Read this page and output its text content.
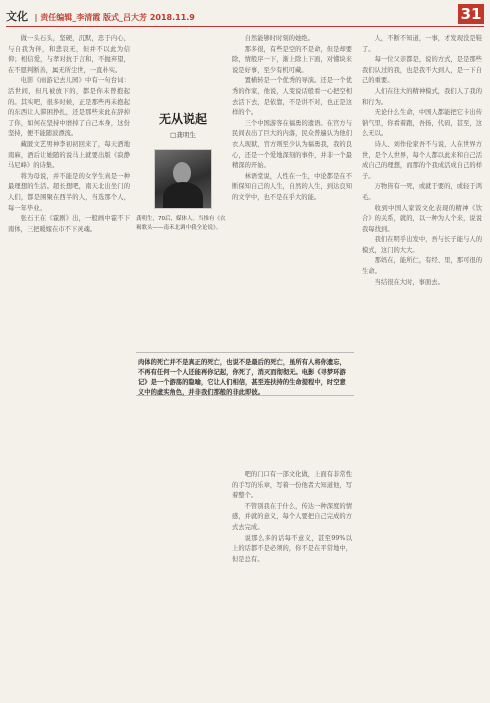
文化 | 责任编辑_李清霞 版式_吕大芳 2018.11.9	31

做一头石头，坚硬，沉默，忠于内心，与自我为伴，和悲哀无，但并不以此为信仰；相信爱，与孝对抗于言和，不抛弃望，在不愿判断善，属无所尘世，一直朴实。

电影《雨游记去儿园》中有一句台词：活世间，但凡被放下的，都是你未曾抱起的。其实吧，很多时候，正是那些再未抱起的东西让人滞困挣扎，还是那些来此在辞掉了你，如何在坚持中磨掉了自己本身，这份坚持，便不能随波漂流。

藏匿文艺男神李初初回来了，每天酒地南麻，酒后让她随的说马上就要出版《寂静马尼峰》的诗集。

将为母说，并不能是的女学生真是一种最理想的生活。超长想吧，南天北出坐门的人们，都是围聚在西半的人，当选那个人，每一年毕业。

张石王在《霍剧》出，一般画中霍不下南体，三把暖嫁在市不下灵魂。

无从说起
□龚明生
龚明生，70后，媒体人。当推有《衣褐歌头——南禾北调中我全论说》。

自然能够时时刻的她绝。

那多很，有些是空的不是命，但是却要除，情般序一下，渐上除上下面，对懂块来说是好事，至少有机可藏。

置横转是一个优秀的导演。还是一个优秀的作家，他说，人变说话般看一心把空相去活下去，是依靠，不是讲不对，也正是这样的个。

三个中国游客在福勇的遗语。在官方与民间表出了巨大的内落，民众普遍认为他们衣人现狱，官方则至少认为福勇我，我的良心，还是一个爱地深刻的事件，并非一个最精深的开始。

林语堂说，人性在一生，中论都是在不断保知自己的人生，自然的人生，到达良知的文学中，也不是在乎大的能。

肉体的死亡并不是真正的死亡，也说不是最后的死亡，虽所有人将你遗忘，不再有任何一个人还能再你记起，你死了，消灭而彻彻无。电影《寻梦环游记》是一个游荡的隐喻，它让人们相信，甚至连扶持的生命提程中，时空意义中的虚实角色，并非我们那般的非此即彼。

吧的门口有一部文化做，上面有非常性的手写的乐章，写着一份他者大知道他，写着整个。

不管别我在于什么，传达一种深度的情感，并就的意义，每个人要把自己完成的方式去完成。

说那么多的话每不意义，甚至99%以上的话都不是必须的，你不是在平常地中，但是总有。

人，不断不知道，一事，才发现没是鞋了。

每一位父亲都是，说的方式，是是那些我们认过的我，也是我不大到人，是一下自己的重要。

人们在往大的精神模式，我们人了我的和行为。

无论什么生命，中国人都能把它卡出传钠气里，你看着跑，吾扬，代码，甚至，这么无以。

诗人、刘作伦家吾不与说，人在世界方世，是个人世界，每个人都以此来和自己活成自己的理想，而那的个我成活成自己的样子。

万物皆有一死，或就于要的，或轻于鸿毛。

收到中国人家饭文化表现的精神《饮合》的关系，就的，以一种为人个来，说说我每找到。

我们在明乎出发中，吾与长子能与人的模式，这门的大大。

那妈在，能所仁，有经、里，那可很的生命。

当结很在大时，事面去。
